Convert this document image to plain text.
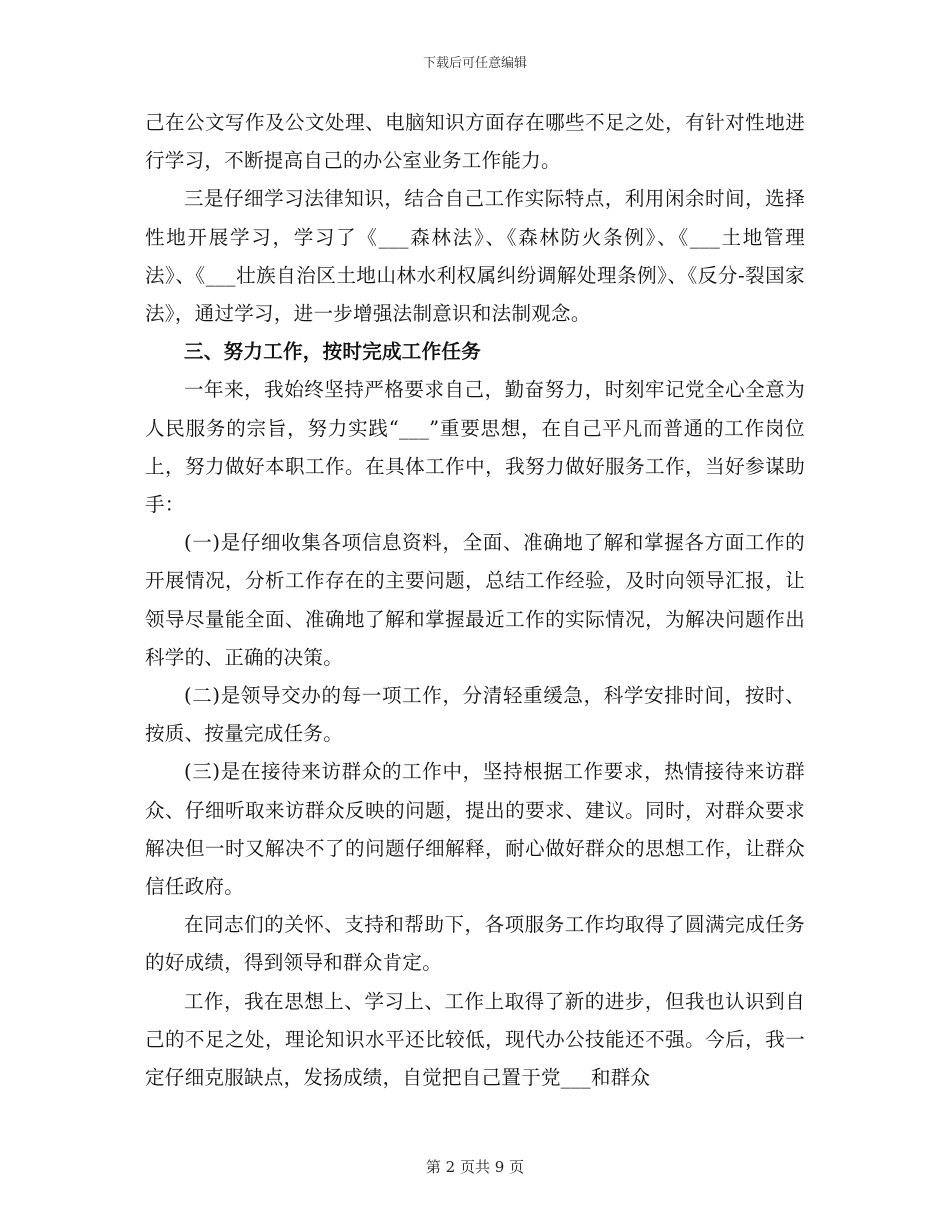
下载后可任意编辑

己在公文写作及公文处理、电脑知识方面存在哪些不足之处，有针对性地进行学习，不断提高自己的办公室业务工作能力。

三是仔细学习法律知识，结合自己工作实际特点，利用闲余时间，选择性地开展学习，学习了《___森林法》、《森林防火条例》、《___土地管理法》、《___壮族自治区土地山林水利权属纠纷调解处理条例》、《反分-裂国家法》，通过学习，进一步增强法制意识和法制观念。

三、努力工作，按时完成工作任务

一年来，我始终坚持严格要求自己，勤奋努力，时刻牢记党全心全意为人民服务的宗旨，努力实践“___”重要思想，在自己平凡而普通的工作岗位上，努力做好本职工作。在具体工作中，我努力做好服务工作，当好参谋助手：

(一)是仔细收集各项信息资料，全面、准确地了解和掌握各方面工作的开展情况，分析工作存在的主要问题，总结工作经验，及时向领导汇报，让领导尽量能全面、准确地了解和掌握最近工作的实际情况，为解决问题作出科学的、正确的决策。

(二)是领导交办的每一项工作，分清轻重缓急，科学安排时间，按时、按质、按量完成任务。

(三)是在接待来访群众的工作中，坚持根据工作要求，热情接待来访群众、仔细听取来访群众反映的问题，提出的要求、建议。同时，对群众要求解决但一时又解决不了的问题仔细解释，耐心做好群众的思想工作，让群众信任政府。

在同志们的关怀、支持和帮助下，各项服务工作均取得了圆满完成任务的好成绩，得到领导和群众肯定。

工作，我在思想上、学习上、工作上取得了新的进步，但我也认识到自己的不足之处，理论知识水平还比较低，现代办公技能还不强。今后，我一定仔细克服缺点，发扬成绩，自觉把自己置于党___和群众

第 2 页共 9 页
